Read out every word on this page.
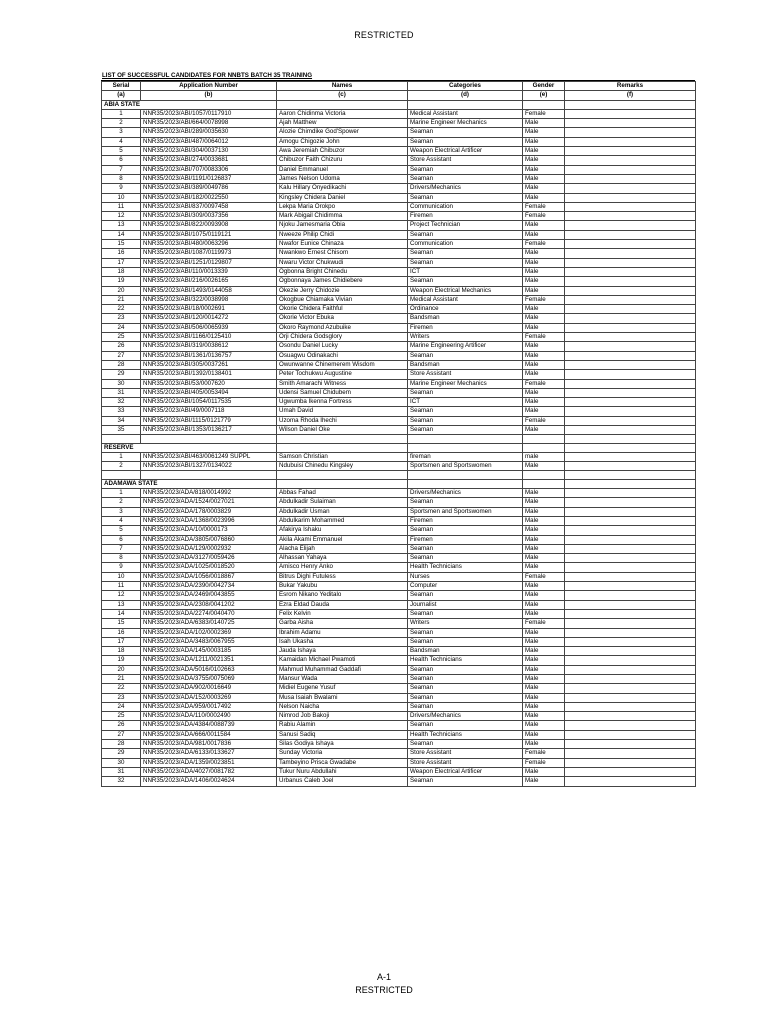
RESTRICTED
LIST OF SUCCESSFUL CANDIDATES FOR NNBTS BATCH 35 TRAINING
Serial	Application Number	Names	Categories	Gender	Remarks
(a)	(b)	(c)	(d)	(e)	(f)
ABIA STATE					
1	NNR35/2023/ABI/1057/0117910	Aaron Chidinma Victoria	Medical Assistant	Female	
2	NNR35/2023/ABI/664/0078998	Ajah Matthew	Marine Engineer Mechanics	Male	
3	NNR35/2023/ABI/289/0035630	Alozie Chimdike God'Spower	Seaman	Male	
4	NNR35/2023/ABI/487/0064012	Amogu Chigozie John	Seaman	Male	
5	NNR35/2023/ABI/304/0037130	Awa Jeremiah Chibuzor	Weapon Electrical Artificer	Male	
6	NNR35/2023/ABI/274/0033681	Chibuzor Faith Chizuru	Store Assistant	Male	
7	NNR35/2023/ABI/707/0083306	Daniel Emmanuel	Seaman	Male	
8	NNR35/2023/ABI/1191/0126837	James Nelson Udoma	Seaman	Male	
9	NNR35/2023/ABI/389/0049786	Kalu Hillary Onyedikachi	Drivers/Mechanics	Male	
10	NNR35/2023/ABI/182/0022550	Kingsley Chidera Daniel	Seaman	Male	
11	NNR35/2023/ABI/837/0097458	Lekpa Maria Orokpo	Communication	Female	
12	NNR35/2023/ABI/309/0037356	Mark Abigail Chidimma	Firemen	Female	
13	NNR35/2023/ABI/822/0093908	Njoku Jamesmaria Obia	Project Technician	Male	
14	NNR35/2023/ABI/1075/0119121	Nweeze Philip Chidi	Seaman	Male	
15	NNR35/2023/ABI/480/0063296	Nwafor Eunice Chinaza	Communication	Female	
16	NNR35/2023/ABI/1087/0119973	Nwankwo Ernest Chisom	Seaman	Male	
17	NNR35/2023/ABI/1251/0129807	Nwaru Victor Chukwudi	Seaman	Male	
18	NNR35/2023/ABI/110/0013339	Ogbonna Bright Chinedu	ICT	Male	
19	NNR35/2023/ABI/216/0026165	Ogbonnaya James Chidiebere	Seaman	Male	
20	NNR35/2023/ABI/1493/0144058	Okezie Jerry Chidozie	Weapon Electrical Mechanics	Male	
21	NNR35/2023/ABI/322/0038998	Okogbue Chiamaka Vivian	Medical Assistant	Female	
22	NNR35/2023/ABI/18/0002691	Okorie Chidera Faithful	Ordinance	Male	
23	NNR35/2023/ABI/120/0014272	Okorie Victor Ebuka	Bandsman	Male	
24	NNR35/2023/ABI/506/0065939	Okoro Raymond Azubuike	Firemen	Male	
25	NNR35/2023/ABI/1166/0125410	Orji Chidera Godsglory	Writers	Female	
26	NNR35/2023/ABI/319/0038612	Osondu Daniel Lucky	Marine Engineering Artificer	Male	
27	NNR35/2023/ABI/1361/0136757	Osuagwu Odinakachi	Seaman	Male	
28	NNR35/2023/ABI/305/0037261	Owunwanne Chinemerem Wisdom	Bandsman	Male	
29	NNR35/2023/ABI/1392/0138401	Peter Tochukwu Augustine	Store Assistant	Male	
30	NNR35/2023/ABI/53/0007620	Smith Amarachi Witness	Marine Engineer Mechanics	Female	
31	NNR35/2023/ABI/405/0053494	Udensi Samuel Chidubem	Seaman	Male	
32	NNR35/2023/ABI/1054/0117535	Ugwumba Ikenna Fortress	ICT	Male	
33	NNR35/2023/ABI/49/0007118	Umah David	Seaman	Male	
34	NNR35/2023/ABI/1115/0121779	Uzoma Rhoda Ihechi	Seaman	Female	
35	NNR35/2023/ABI/1353/0136217	Wilson Daniel Oke	Seaman	Male	

RESERVE					
1	NNR35/2023/ABI/463/0061249 SUPPL	Samson Christian	fireman	male	
2	NNR35/2023/ABI/1327/0134022	Ndubuisi Chinedu Kingsley	Sportsmen and Sportswomen	Male	

ADAMAWA STATE					
1	NNR35/2023/ADA/818/0014992	Abbas Fahad	Drivers/Mechanics	Male	
2	NNR35/2023/ADA/1524/0027021	Abdulkadir Sulaiman	Seaman	Male	
3	NNR35/2023/ADA/178/0003829	Abdulkadir Usman	Sportsmen and Sportswomen	Male	
4	NNR35/2023/ADA/1368/0023996	Abdulkarim Mohammed	Firemen	Male	
5	NNR35/2023/ADA/10/0000173	Afakirya Ishaku	Seaman	Male	
6	NNR35/2023/ADA/3805/0076860	Akila Akami Emmanuel	Firemen	Male	
7	NNR35/2023/ADA/129/0002932	Alacha Elijah	Seaman	Male	
8	NNR35/2023/ADA/3127/0059426	Alhassan Yahaya	Seaman	Male	
9	NNR35/2023/ADA/1025/0018520	Amisco Henry Anko	Health Technicians	Male	
10	NNR35/2023/ADA/1056/0018867	Bitrus Dighi Futuless	Nurses	Female	
11	NNR35/2023/ADA/2390/0042734	Bukar Yakubu	Computer	Male	
12	NNR35/2023/ADA/2469/0043855	Esrom Nikano Yeditalo	Seaman	Male	
13	NNR35/2023/ADA/2308/0041202	Ezra Eldad Dauda	Journalist	Male	
14	NNR35/2023/ADA/2274/0040470	Felix Kelvin	Seaman	Male	
15	NNR35/2023/ADA/6383/0140725	Garba Aisha	Writers	Female	
16	NNR35/2023/ADA/102/0002369	Ibrahim Adamu	Seaman	Male	
17	NNR35/2023/ADA/3483/0067955	Isah Ukasha	Seaman	Male	
18	NNR35/2023/ADA/145/0003185	Jauda Ishaya	Bandsman	Male	
19	NNR35/2023/ADA/1211/0021351	Kamaidan Michael Pwamoti	Health Technicians	Male	
20	NNR35/2023/ADA/5016/0102663	Mahmud Muhammad Gaddafi	Seaman	Male	
21	NNR35/2023/ADA/3755/0075069	Mansur Wada	Seaman	Male	
22	NNR35/2023/ADA/902/0016649	Midiel Eugene Yusuf	Seaman	Male	
23	NNR35/2023/ADA/152/0003269	Musa Isaiah Bwalami	Seaman	Male	
24	NNR35/2023/ADA/959/0017492	Nelson Naicha	Seaman	Male	
25	NNR35/2023/ADA/110/0002490	Nimrod Job Bakoji	Drivers/Mechanics	Male	
26	NNR35/2023/ADA/4384/0088739	Rabiu Alamin	Seaman	Male	
27	NNR35/2023/ADA/666/0011584	Sanusi Sadiq	Health Technicians	Male	
28	NNR35/2023/ADA/981/0017836	Silas Godiya Ishaya	Seaman	Male	
29	NNR35/2023/ADA/6133/0133627	Sunday Victoria	Store Assistant	Female	
30	NNR35/2023/ADA/1359/0023851	Tambeyino Prisca Gwadabe	Store Assistant	Female	
31	NNR35/2023/ADA/4027/0081782	Tukur Nuru Abdullahi	Weapon Electrical Artificer	Male	
32	NNR35/2023/ADA/1406/0024624	Urbanus Caleb Joel	Seaman	Male	
A-1
RESTRICTED
